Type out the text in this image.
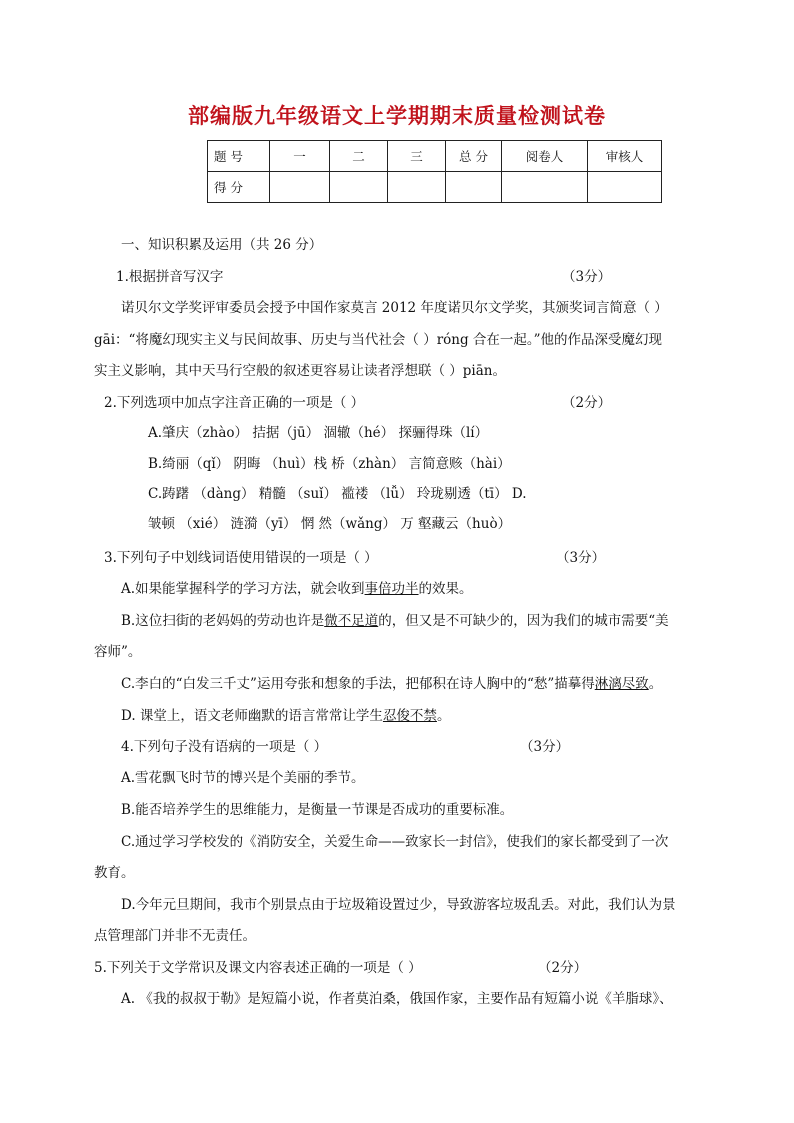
部编版九年级语文上学期期末质量检测试卷
题 号	一	二	三	总 分	阅卷人	审核人
得 分						
一、知识积累及运用（共 26 分）
1.根据拼音写汉字	（3分）
诺贝尔文学奖评审委员会授予中国作家莫言 2012 年度诺贝尔文学奖，其颁奖词言简意（ ）
gāi：“将魔幻现实主义与民间故事、历史与当代社会（ ）róng 合在一起。”他的作品深受魔幻现
实主义影响，其中天马行空般的叙述更容易让读者浮想联（ ）piān。
2.下列选项中加点字注音正确的一项是（ ）	（2分）
A.肇庆（zhào） 拮据（jū） 涸辙（hé） 探骊得珠（lí）
B.绮丽（qǐ） 阴晦 （huì）栈 桥（zhàn） 言简意赅（hài）
C.踌躇 （dàng） 精髓 （suǐ） 褴褛 （lǚ） 玲珑剔透（tī） D.
皱顿 （xié） 涟漪（yī） 惘 然（wǎng） 万 壑藏云（huò）
3.下列句子中划线词语使用错误的一项是（ ）	（3分）
A.如果能掌握科学的学习方法，就会收到事倍功半的效果。
B.这位扫街的老妈妈的劳动也许是微不足道的，但又是不可缺少的，因为我们的城市需要“美
容师”。
C.李白的“白发三千丈”运用夸张和想象的手法，把郁积在诗人胸中的“愁”描摹得淋漓尽致。
D. 课堂上，语文老师幽默的语言常常让学生忍俊不禁。
4.下列句子没有语病的一项是（ ）	（3分）
A.雪花飘飞时节的博兴是个美丽的季节。
B.能否培养学生的思维能力，是衡量一节课是否成功的重要标准。
C.通过学习学校发的《消防安全，关爱生命——致家长一封信》，使我们的家长都受到了一次
教育。
D.今年元旦期间，我市个别景点由于垃圾箱设置过少，导致游客垃圾乱丢。对此，我们认为景
点管理部门并非不无责任。
5.下列关于文学常识及课文内容表述正确的一项是（ ）	（2分）
A. 《我的叔叔于勒》是短篇小说，作者莫泊桑，俄国作家，主要作品有短篇小说《羊脂球》、
